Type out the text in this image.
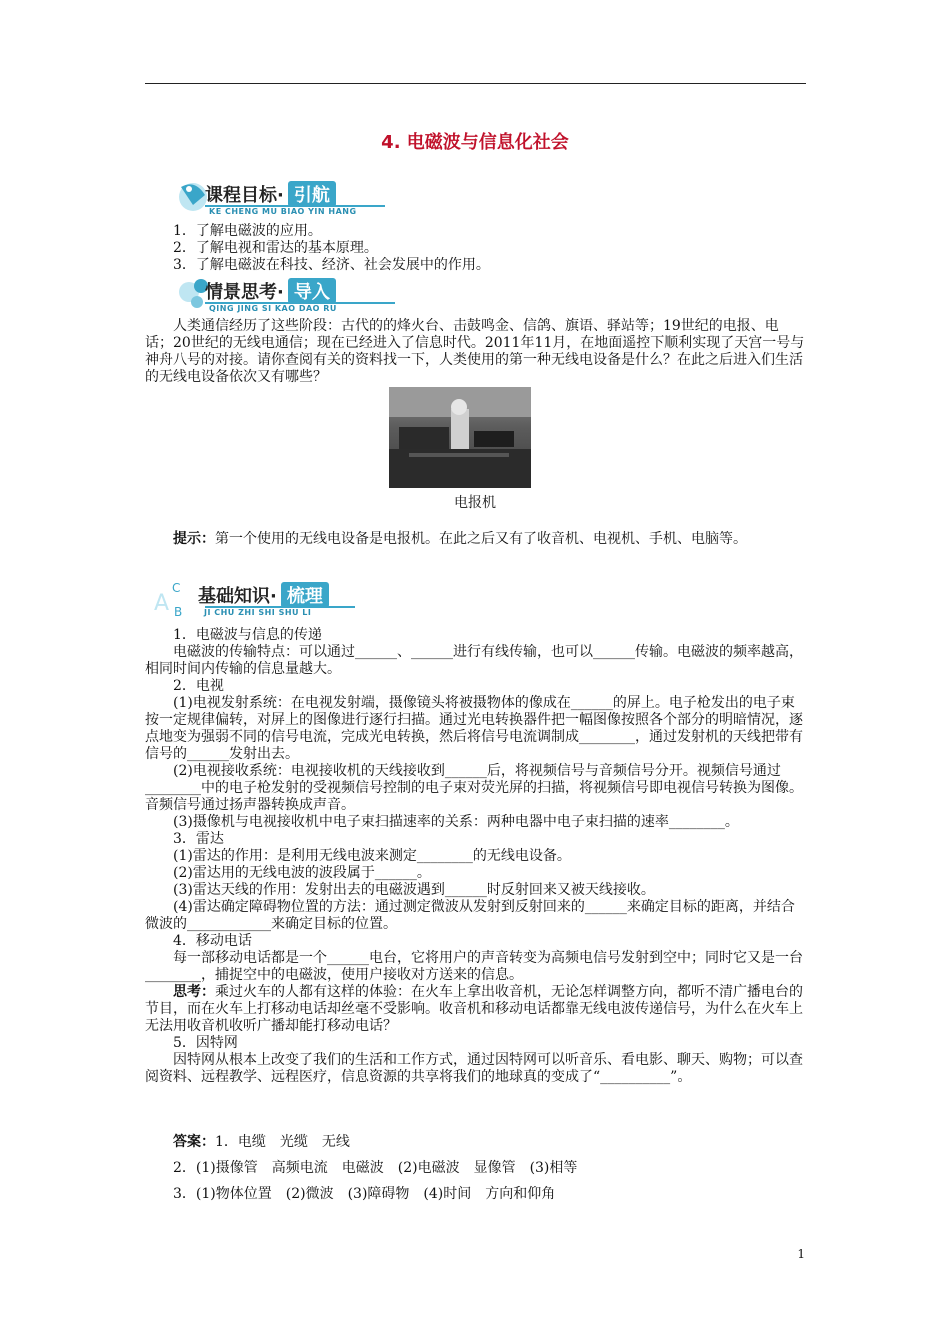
4. 电磁波与信息化社会
课程目标· 引航
KE CHENG MU BIAO YIN HANG

1．了解电磁波的应用。

2．了解电视和雷达的基本原理。

3．了解电磁波在科技、经济、社会发展中的作用。

情景思考· 导入
QING JING SI KAO DAO RU

人类通信经历了这些阶段：古代的的烽火台、击鼓鸣金、信鸽、旗语、驿站等；19世纪的电报、电话；20世纪的无线电通信；现在已经进入了信息时代。2011年11月，在地面遥控下顺利实现了天宫一号与神舟八号的对接。请你查阅有关的资料找一下，人类使用的第一种无线电设备是什么？在此之后进入们生活的无线电设备依次又有哪些？

电报机

提示：第一个使用的无线电设备是电报机。在此之后又有了收音机、电视机、手机、电脑等。

A
C
B
基础知识· 梳理
JI CHU ZHI SHI SHU LI

1．电磁波与信息的传递

电磁波的传输特点：可以通过______、______进行有线传输，也可以______传输。电磁波的频率越高，相同时间内传输的信息量越大。

2．电视

(1)电视发射系统：在电视发射端，摄像镜头将被摄物体的像成在______的屏上。电子枪发出的电子束按一定规律偏转，对屏上的图像进行逐行扫描。通过光电转换器件把一幅图像按照各个部分的明暗情况，逐点地变为强弱不同的信号电流，完成光电转换，然后将信号电流调制成________，通过发射机的天线把带有信号的______发射出去。

(2)电视接收系统：电视接收机的天线接收到______后，将视频信号与音频信号分开。视频信号通过________中的电子枪发射的受视频信号控制的电子束对荧光屏的扫描，将视频信号即电视信号转换为图像。音频信号通过扬声器转换成声音。

(3)摄像机与电视接收机中电子束扫描速率的关系：两种电器中电子束扫描的速率________。

3．雷达

(1)雷达的作用：是利用无线电波来测定________的无线电设备。

(2)雷达用的无线电波的波段属于______。

(3)雷达天线的作用：发射出去的电磁波遇到______时反射回来又被天线接收。

(4)雷达确定障碍物位置的方法：通过测定微波从发射到反射回来的______来确定目标的距离，并结合微波的____________来确定目标的位置。

4．移动电话

每一部移动电话都是一个______电台，它将用户的声音转变为高频电信号发射到空中；同时它又是一台________，捕捉空中的电磁波，使用户接收对方送来的信息。

思考：乘过火车的人都有这样的体验：在火车上拿出收音机，无论怎样调整方向，都听不清广播电台的节目，而在火车上打移动电话却丝毫不受影响。收音机和移动电话都靠无线电波传递信号，为什么在火车上无法用收音机收听广播却能打移动电话？

5．因特网

因特网从根本上改变了我们的生活和工作方式，通过因特网可以听音乐、看电影、聊天、购物；可以查阅资料、远程教学、远程医疗，信息资源的共享将我们的地球真的变成了“__________”。

答案：1．电缆　光缆　无线

2．(1)摄像管　高频电流　电磁波　(2)电磁波　显像管　(3)相等

3．(1)物体位置　(2)微波　(3)障碍物　(4)时间　方向和仰角

1
